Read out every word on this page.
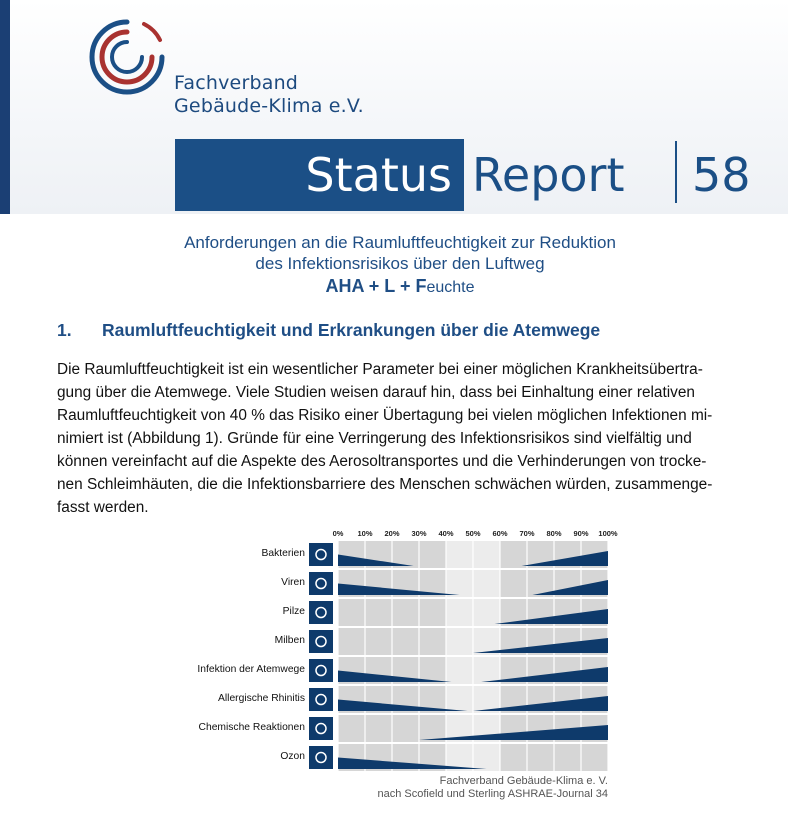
Fachverband
Gebäude-Klima e.V.
Status Report 58
Anforderungen an die Raumluftfeuchtigkeit zur Reduktion
des Infektionsrisikos über den Luftweg
AHA + L + Feuchte
1. Raumluftfeuchtigkeit und Erkrankungen über die Atemwege
Die Raumluftfeuchtigkeit ist ein wesentlicher Parameter bei einer möglichen Krankheitsübertra-
gung über die Atemwege. Viele Studien weisen darauf hin, dass bei Einhaltung einer relativen
Raumluftfeuchtigkeit von 40 % das Risiko einer Übertagung bei vielen möglichen Infektionen mi-
nimiert ist (Abbildung 1). Gründe für eine Verringerung des Infektionsrisikos sind vielfältig und
können vereinfacht auf die Aspekte des Aerosoltransportes und die Verhinderungen von trocke-
nen Schleimhäuten, die die Infektionsbarriere des Menschen schwächen würden, zusammenge-
fasst werden.
0% 10% 20% 30% 40% 50% 60% 70% 80% 90% 100%
Bakterien
Viren
Pilze
Milben
Infektion der Atemwege
Allergische Rhinitis
Chemische Reaktionen
Ozon
Fachverband Gebäude-Klima e. V.
nach Scofield und Sterling ASHRAE-Journal 34
